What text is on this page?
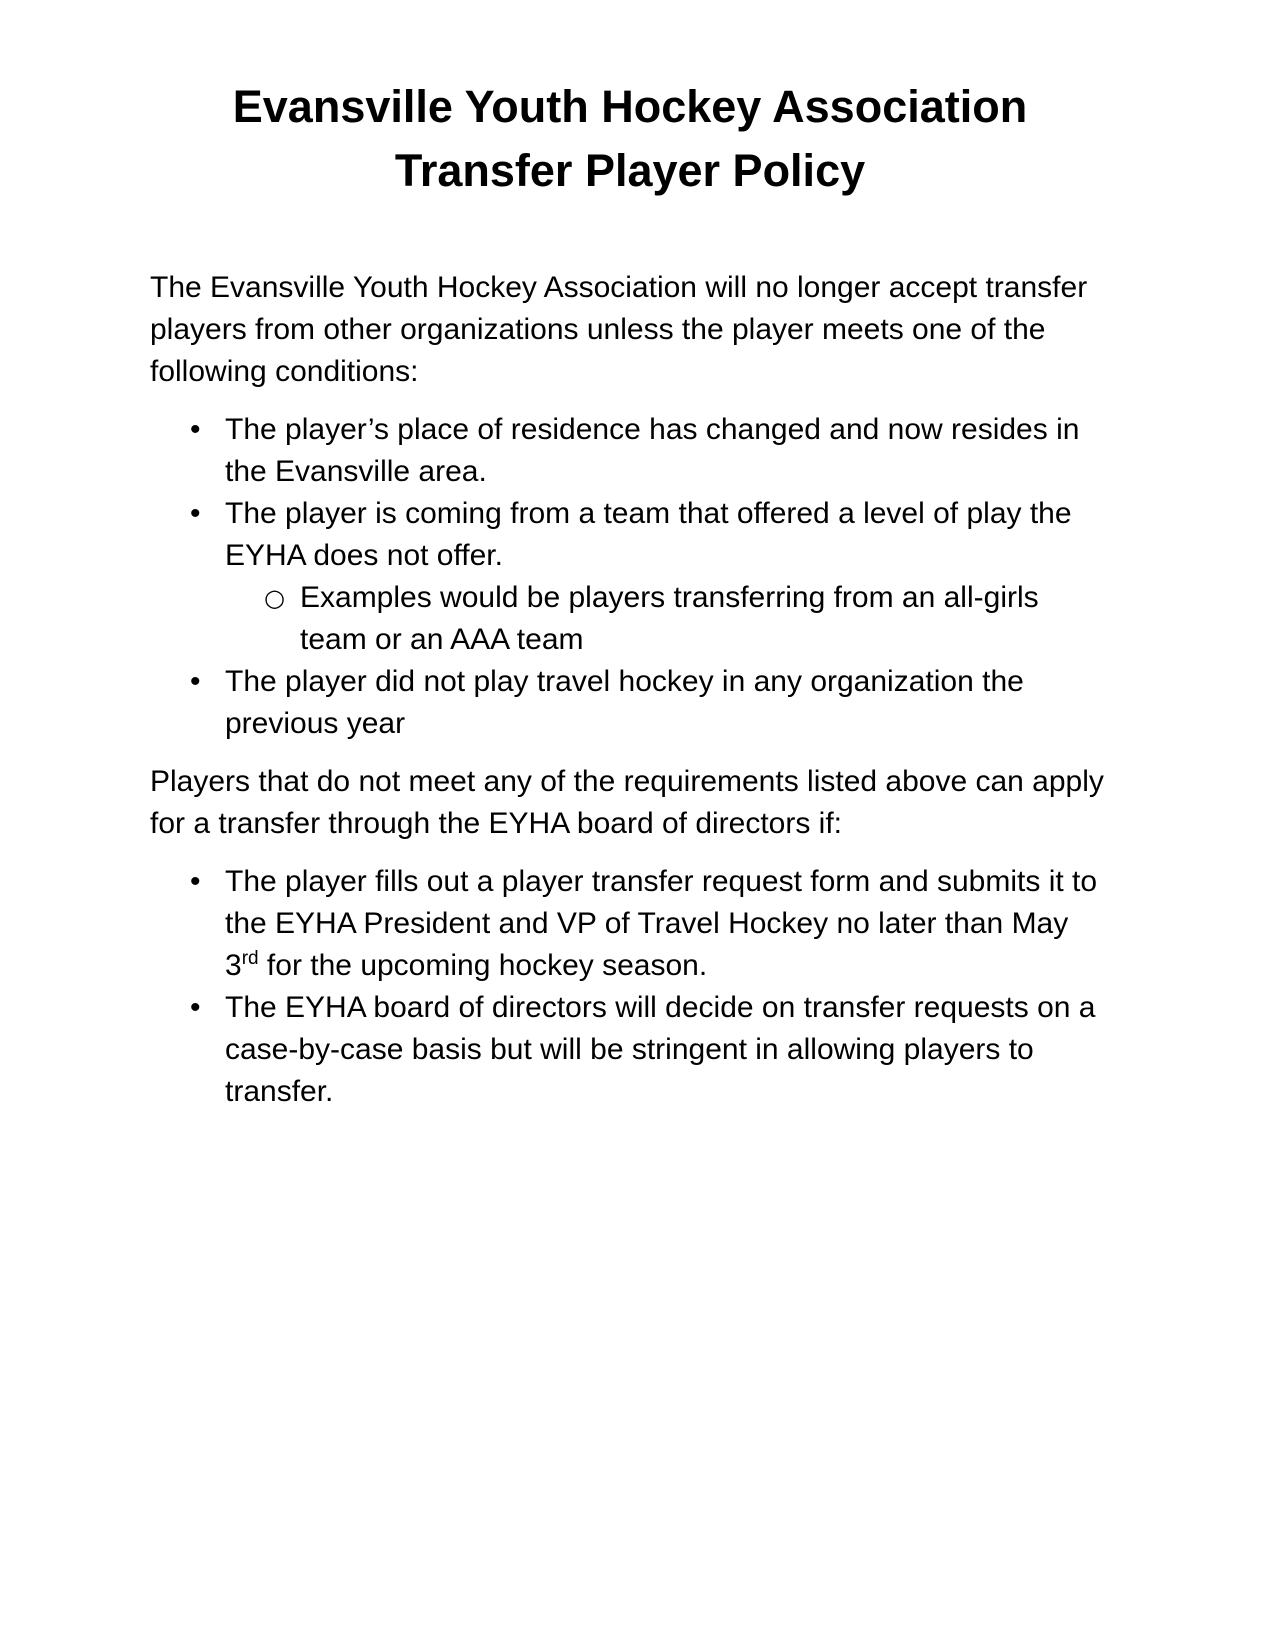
Evansville Youth Hockey Association
Transfer Player Policy

The Evansville Youth Hockey Association will no longer accept transfer players from other organizations unless the player meets one of the following conditions:

• The player’s place of residence has changed and now resides in the Evansville area.
• The player is coming from a team that offered a level of play the EYHA does not offer.
○ Examples would be players transferring from an all-girls team or an AAA team
• The player did not play travel hockey in any organization the previous year

Players that do not meet any of the requirements listed above can apply for a transfer through the EYHA board of directors if:

• The player fills out a player transfer request form and submits it to the EYHA President and VP of Travel Hockey no later than May 3rd for the upcoming hockey season.
• The EYHA board of directors will decide on transfer requests on a case-by-case basis but will be stringent in allowing players to transfer.
